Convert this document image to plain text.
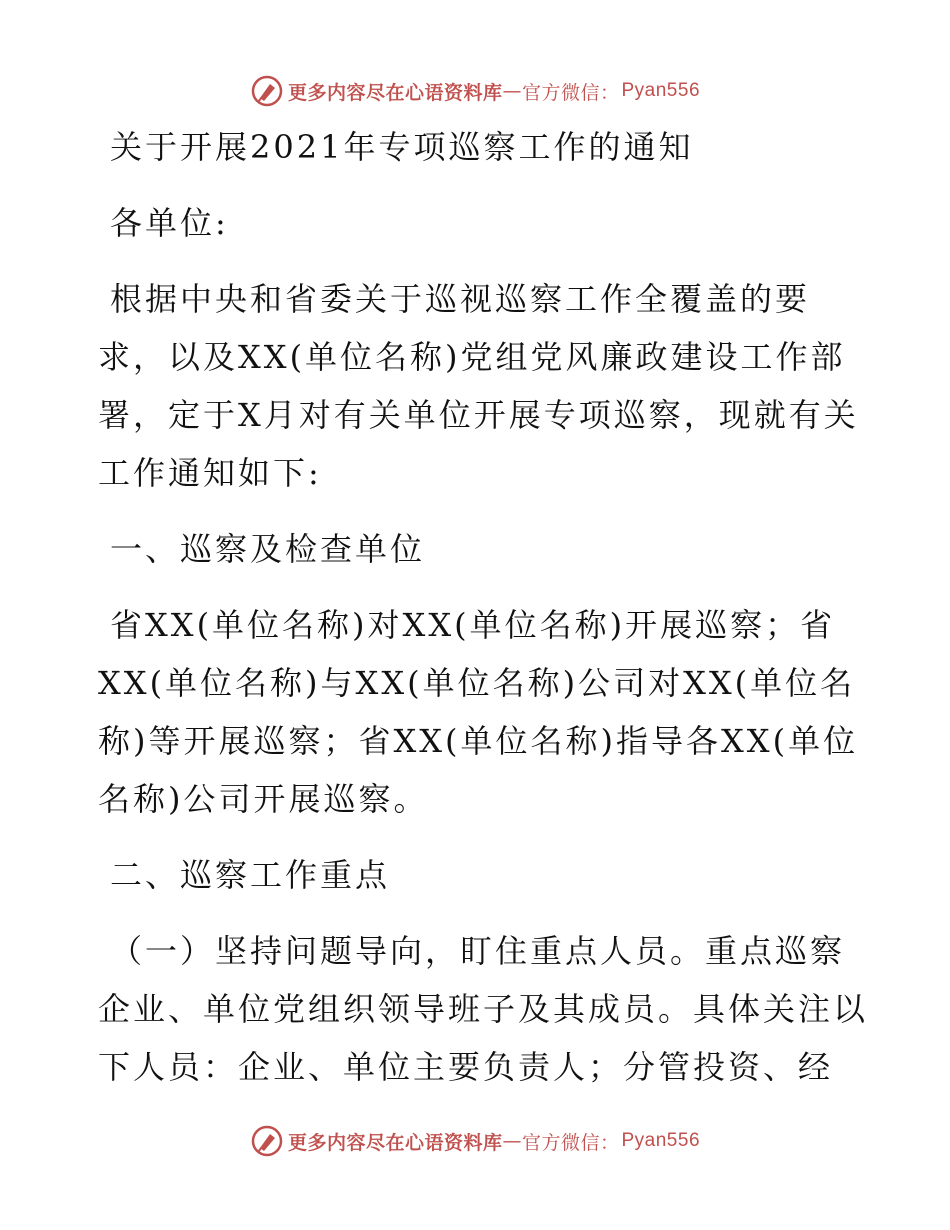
更多内容尽在心语资料库 — 官方微信： Pyan556
关于开展2021年专项巡察工作的通知
各单位:
根据中央和省委关于巡视巡察工作全覆盖的要
求，以及XX(单位名称)党组党风廉政建设工作部
署，定于X月对有关单位开展专项巡察，现就有关
工作通知如下:
一、巡察及检查单位
省XX(单位名称)对XX(单位名称)开展巡察；省
XX(单位名称)与XX(单位名称)公司对XX(单位名
称)等开展巡察；省XX(单位名称)指导各XX(单位
名称)公司开展巡察。
二、巡察工作重点
（一）坚持问题导向，盯住重点人员。重点巡察
企业、单位党组织领导班子及其成员。具体关注以
下人员：企业、单位主要负责人；分管投资、经
更多内容尽在心语资料库 — 官方微信： Pyan556
